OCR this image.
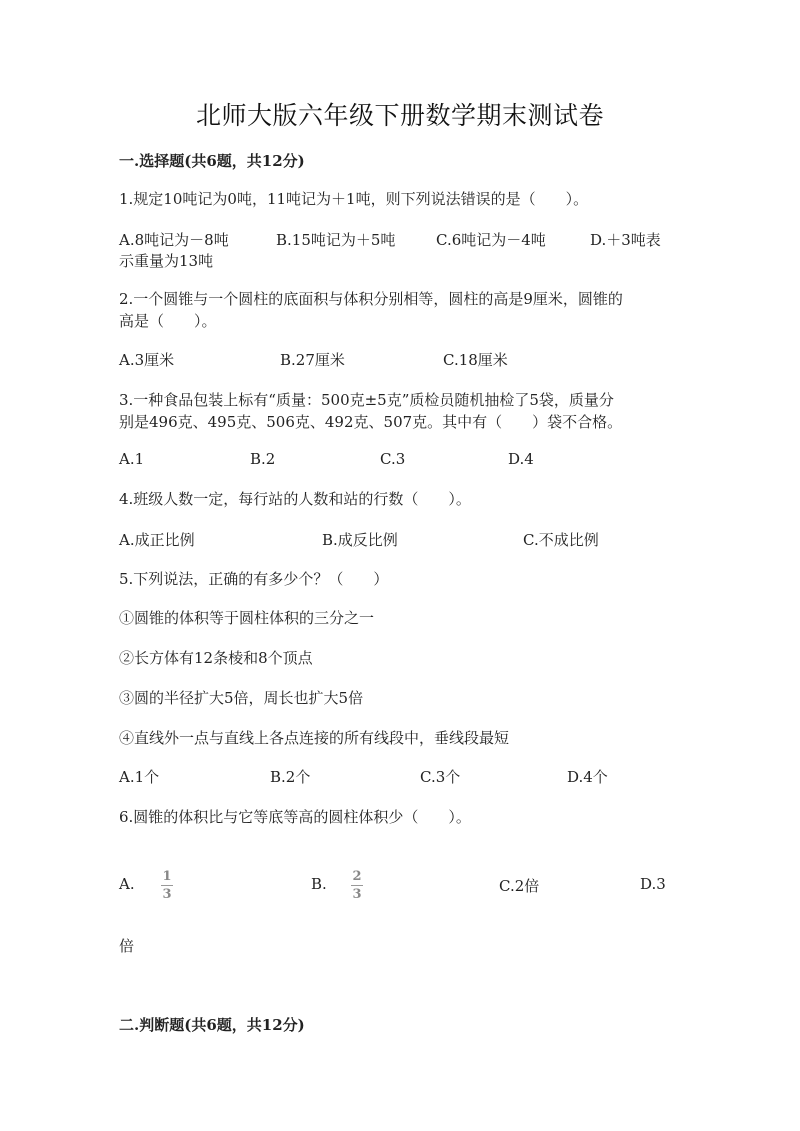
北师大版六年级下册数学期末测试卷
一.选择题(共6题，共12分)
1.规定10吨记为0吨，11吨记为＋1吨，则下列说法错误的是（　　）。
A.8吨记为－8吨	B.15吨记为＋5吨	C.6吨记为－4吨	D.＋3吨表
示重量为13吨
2.一个圆锥与一个圆柱的底面积与体积分别相等，圆柱的高是9厘米，圆锥的
高是（　　）。
A.3厘米	B.27厘米	C.18厘米
3.一种食品包装上标有“质量：500克±5克”质检员随机抽检了5袋，质量分
别是496克、495克、506克、492克、507克。其中有（　　）袋不合格。
A.1	B.2	C.3	D.4
4.班级人数一定，每行站的人数和站的行数（　　）。
A.成正比例	B.成反比例	C.不成比例
5.下列说法，正确的有多少个？（　　）
①圆锥的体积等于圆柱体积的三分之一
②长方体有12条棱和8个顶点
③圆的半径扩大5倍，周长也扩大5倍
④直线外一点与直线上各点连接的所有线段中，垂线段最短
A.1个	B.2个	C.3个	D.4个
6.圆锥的体积比与它等底等高的圆柱体积少（　　）。
A. 1
3
B. 2
3	C.2倍	D.3
倍
二.判断题(共6题，共12分)
